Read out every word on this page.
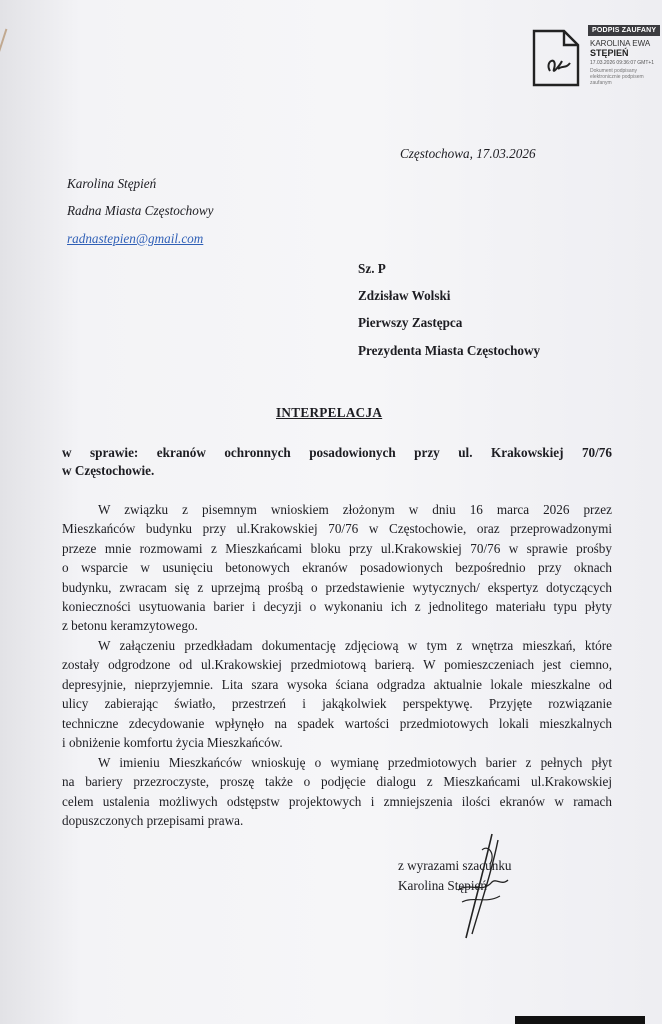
PODPIS ZAUFANY
KAROLINA EWA
STĘPIEŃ
17.03.2026 09:36:07 GMT+1
Dokument podpisany elektronicznie podpisem zaufanym
Częstochowa, 17.03.2026
Karolina Stępień
Radna Miasta Częstochowy
radnastepien@gmail.com
Sz. P
Zdzisław Wolski
Pierwszy Zastępca
Prezydenta Miasta Częstochowy
INTERPELACJA
w sprawie: ekranów ochronnych posadowionych przy ul. Krakowskiej 70/76
w Częstochowie.
W związku z pisemnym wnioskiem złożonym w dniu 16 marca 2026 przez
Mieszkańców budynku przy ul.Krakowskiej 70/76 w Częstochowie, oraz przeprowadzonymi
przeze mnie rozmowami z Mieszkańcami bloku przy ul.Krakowskiej 70/76 w sprawie prośby
o wsparcie w usunięciu betonowych ekranów posadowionych bezpośrednio przy oknach
budynku, zwracam się z uprzejmą prośbą o przedstawienie wytycznych/ ekspertyz dotyczących
konieczności usytuowania barier i decyzji o wykonaniu ich z jednolitego materiału typu płyty
z betonu keramzytowego.
W załączeniu przedkładam dokumentację zdjęciową w tym z wnętrza mieszkań, które
zostały odgrodzone od ul.Krakowskiej przedmiotową barierą. W pomieszczeniach jest ciemno,
depresyjnie, nieprzyjemnie. Lita szara wysoka ściana odgradza aktualnie lokale mieszkalne od
ulicy zabierając światło, przestrzeń i jakąkolwiek perspektywę. Przyjęte rozwiązanie
techniczne zdecydowanie wpłynęło na spadek wartości przedmiotowych lokali mieszkalnych
i obniżenie komfortu życia Mieszkańców.
W imieniu Mieszkańców wnioskuję o wymianę przedmiotowych barier z pełnych płyt
na bariery przezroczyste, proszę także o podjęcie dialogu z Mieszkańcami ul.Krakowskiej
celem ustalenia możliwych odstępstw projektowych i zmniejszenia ilości ekranów w ramach
dopuszczonych przepisami prawa.
z wyrazami szacunku
Karolina Stępień
